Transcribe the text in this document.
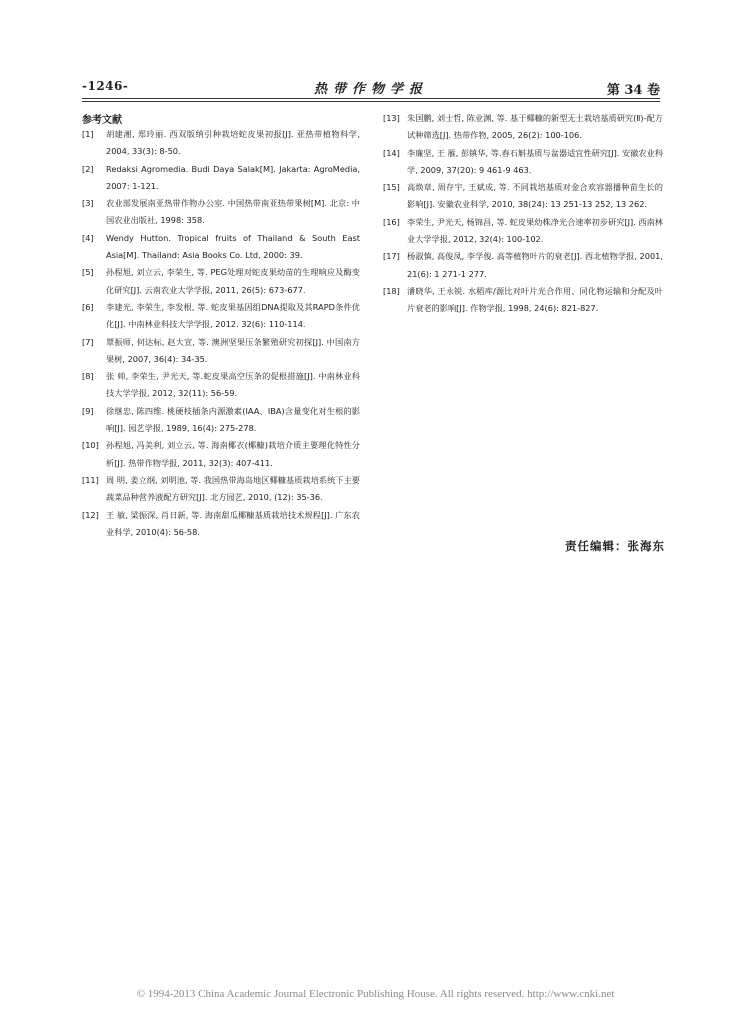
-1246-	热带作物学报	第 34 卷
参考文献

[1] 胡建湘, 郑玲丽. 西双版纳引种栽培蛇皮果初报[J]. 亚热带植物科学, 2004, 33(3): 8-50.

[2] Redaksi Agromedia. Budi Daya Salak[M]. Jakarta: AgroMedia, 2007: 1-121.

[3] 农业部发展南亚热带作物办公室. 中国热带南亚热带果树[M]. 北京: 中国农业出版社, 1998: 358.

[4] Wendy Hutton. Tropical fruits of Thailand & South East Asia[M]. Thailand: Asia Books Co. Ltd, 2000: 39.

[5] 孙程旭, 刘立云, 李荣生, 等. PEG处理对蛇皮果幼苗的生理响应及酶变化研究[J]. 云南农业大学学报, 2011, 26(5): 673-677.

[6] 李建光, 李荣生, 李发根, 等. 蛇皮果基因组DNA提取及其RAPD条件优化[J]. 中南林业科技大学学报, 2012. 32(6): 110-114.

[7] 覃振师, 何达标, 赵大宣, 等. 澳洲坚果压条繁殖研究初探[J]. 中国南方果树, 2007, 36(4): 34-35.

[8] 张 帅, 李荣生, 尹光天, 等.蛇皮果高空压条的促根措施[J]. 中南林业科技大学学报, 2012, 32(11): 56-59.

[9] 徐继忠, 陈四维. 桃硬枝插条内源激素(IAA、IBA)含量变化对生根的影响[J]. 园艺学报, 1989, 16(4): 275-278.

[10] 孙程旭, 冯美利, 刘立云, 等. 海南椰衣(椰糠)栽培介质主要理化特性分析[J]. 热带作物学报, 2011, 32(3): 407-411.

[11] 周 明, 姜立纲, 刘明池, 等. 我国热带海岛地区椰糠基质栽培系统下主要蔬菜品种营养液配方研究[J]. 北方园艺, 2010, (12): 35-36.

[12] 王 敏, 梁振深, 肖日新, 等. 海南甜瓜椰糠基质栽培技术规程[J]. 广东农业科学, 2010(4): 56-58.

[13] 朱国鹏, 刘士哲, 陈业渊, 等. 基于椰糠的新型无土栽培基质研究(Ⅱ)-配方试种筛选[J]. 热带作物, 2005, 26(2): 100-106.

[14] 李廉坚, 王 雁, 彭镇华, 等.春石斛基质与盆器适宜性研究[J]. 安徽农业科学, 2009, 37(20): 9 461-9 463.

[15] 高焕章, 周存宇, 王斌成, 等. 不同栽培基质对金合欢容器播种苗生长的影响[J]. 安徽农业科学, 2010, 38(24): 13 251-13 252, 13 262.

[16] 李荣生, 尹光天, 杨锦昌, 等. 蛇皮果幼株净光合速率初步研究[J]. 西南林业大学学报, 2012, 32(4): 100-102.

[17] 杨淑慎, 高俊凤, 李学俊. 高等植物叶片的衰老[J]. 西北植物学报, 2001, 21(6): 1 271-1 277.

[18] 潘晓华, 王永锐. 水稻库/源比对叶片光合作用、同化物运输和分配及叶片衰老的影响[J]. 作物学报, 1998, 24(6): 821-827.

责任编辑：张海东
© 1994-2013 China Academic Journal Electronic Publishing House. All rights reserved. http://www.cnki.net
